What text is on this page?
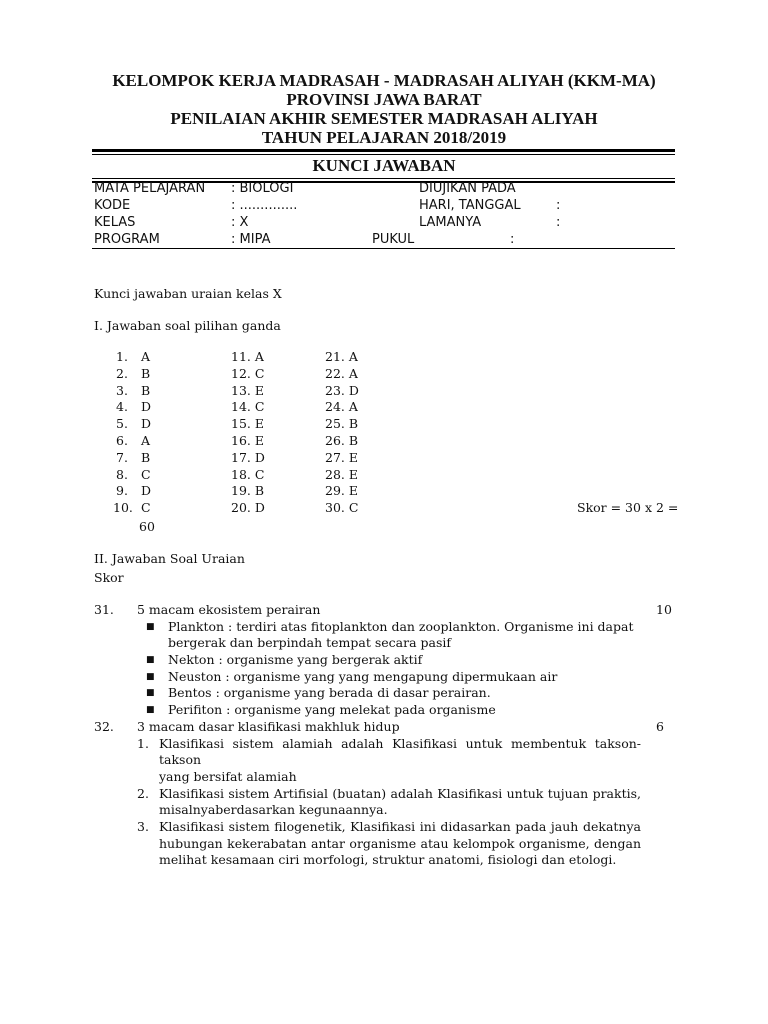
KELOMPOK KERJA MADRASAH - MADRASAH ALIYAH (KKM-MA)
PROVINSI JAWA BARAT
PENILAIAN AKHIR SEMESTER MADRASAH ALIYAH
TAHUN PELAJARAN 2018/2019
KUNCI JAWABAN
MATA PELAJARAN : BIOLOGI	DIUJIKAN PADA
KODE	: ..............	HARI, TANGGAL	:
KELAS	: X	LAMANYA	:
PROGRAM	: MIPA	PUKUL	:
Kunci jawaban uraian kelas X
I. Jawaban soal pilihan ganda
1. A	11. A	21. A
2. B	12. C	22. A
3. B	13. E	23. D
4. D	14. C	24. A
5. D	15. E	25. B
6. A	16. E	26. B
7. B	17. D	27. E
8. C	18. C	28. E
9. D	19. B	29. E
10. C	20. D	30. C	Skor = 30 x 2 =
60
II. Jawaban Soal Uraian
Skor
31. 5 macam ekosistem perairan	10
■ Plankton : terdiri atas fitoplankton dan zooplankton. Organisme ini dapat
bergerak dan berpindah tempat secara pasif
■ Nekton : organisme yang bergerak aktif
■ Neuston : organisme yang yang mengapung dipermukaan air
■ Bentos : organisme yang berada di dasar perairan.
■ Perifiton : organisme yang melekat pada organisme
32. 3 macam dasar klasifikasi makhluk hidup	6
1. Klasifikasi sistem alamiah adalah Klasifikasi untuk membentuk takson-
takson
yang bersifat alamiah
2. Klasifikasi sistem Artifisial (buatan) adalah Klasifikasi untuk tujuan praktis,
misalnyaberdasarkan kegunaannya.
3. Klasifikasi sistem filogenetik, Klasifikasi ini didasarkan pada jauh dekatnya
hubungan kekerabatan antar organisme atau kelompok organisme, dengan
melihat kesamaan ciri morfologi, struktur anatomi, fisiologi dan etologi.
